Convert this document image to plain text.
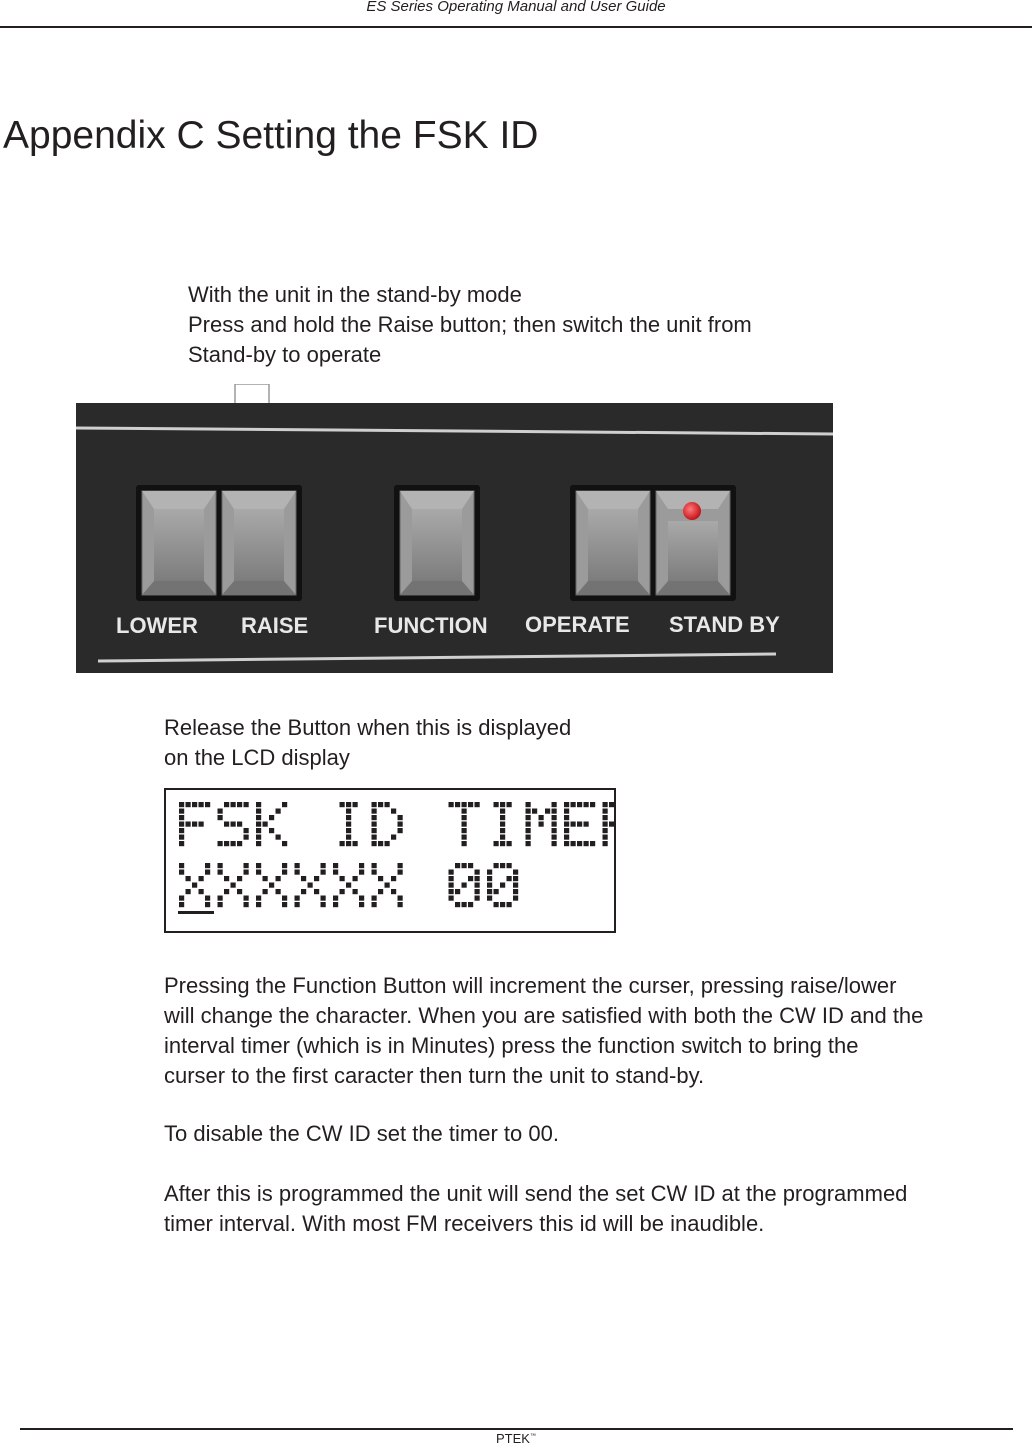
ES Series Operating Manual and User Guide
Appendix C Setting the FSK ID
With the unit in the stand-by mode
Press and hold the Raise button; then switch the unit from
Stand-by to operate
LOWER RAISE	FUNCTION OPERATE STAND BY
Release the Button when this is displayed
on the LCD display
Pressing the Function Button will increment the curser, pressing raise/lower
will change the character. When you are satisfied with both the CW ID and the
interval timer (which is in Minutes) press the function switch to bring the
curser to the first caracter then turn the unit to stand-by.
To disable the CW ID set the timer to 00.
After this is programmed the unit will send the set CW ID at the programmed
timer interval. With most FM receivers this id will be inaudible.
PTEK™
